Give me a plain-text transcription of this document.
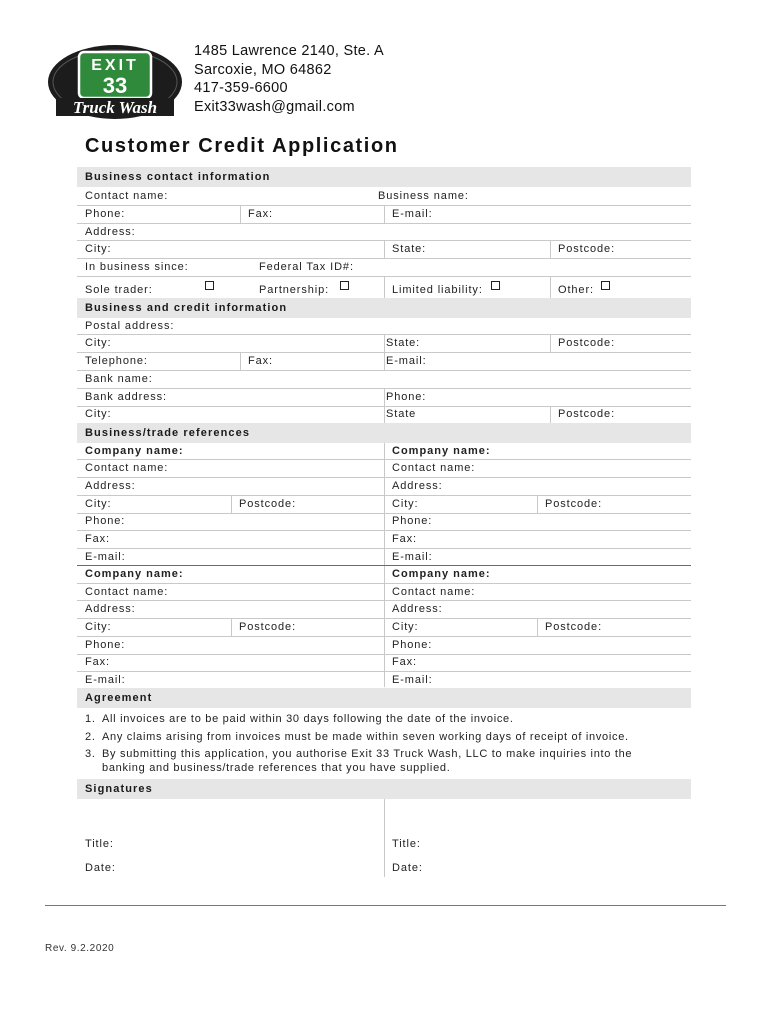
EXIT
33
Truck Wash
1485 Lawrence 2140, Ste. A
Sarcoxie, MO 64862
417-359-6600
Exit33wash@gmail.com
Customer Credit Application
Business contact information
Contact name:	Business name:
Phone:	Fax:	E-mail:
Address:
City:	State:	Postcode:
In business since:	Federal Tax ID#:
Sole trader:	Partnership:	Limited liability:	Other:
Business and credit information
Postal address:
City:	State:	Postcode:
Telephone:	Fax:	E-mail:
Bank name:
Bank address:	Phone:
City:	State	Postcode:
Business/trade references
Company name:	Company name:
Contact name:	Contact name:
Address:	Address:
City:	Postcode:	City:	Postcode:
Phone:	Phone:
Fax:	Fax:
E-mail:	E-mail:
Company name:	Company name:
Contact name:	Contact name:
Address:	Address:
City:	Postcode:	City:	Postcode:
Phone:	Phone:
Fax:	Fax:
E-mail:	E-mail:
Agreement
1. All invoices are to be paid within 30 days following the date of the invoice.
2. Any claims arising from invoices must be made within seven working days of receipt of invoice.
3. By submitting this application, you authorise Exit 33 Truck Wash, LLC to make inquiries into the banking and business/trade references that you have supplied.
Signatures
Title:	Title:
Date:	Date:
Rev. 9.2.2020
